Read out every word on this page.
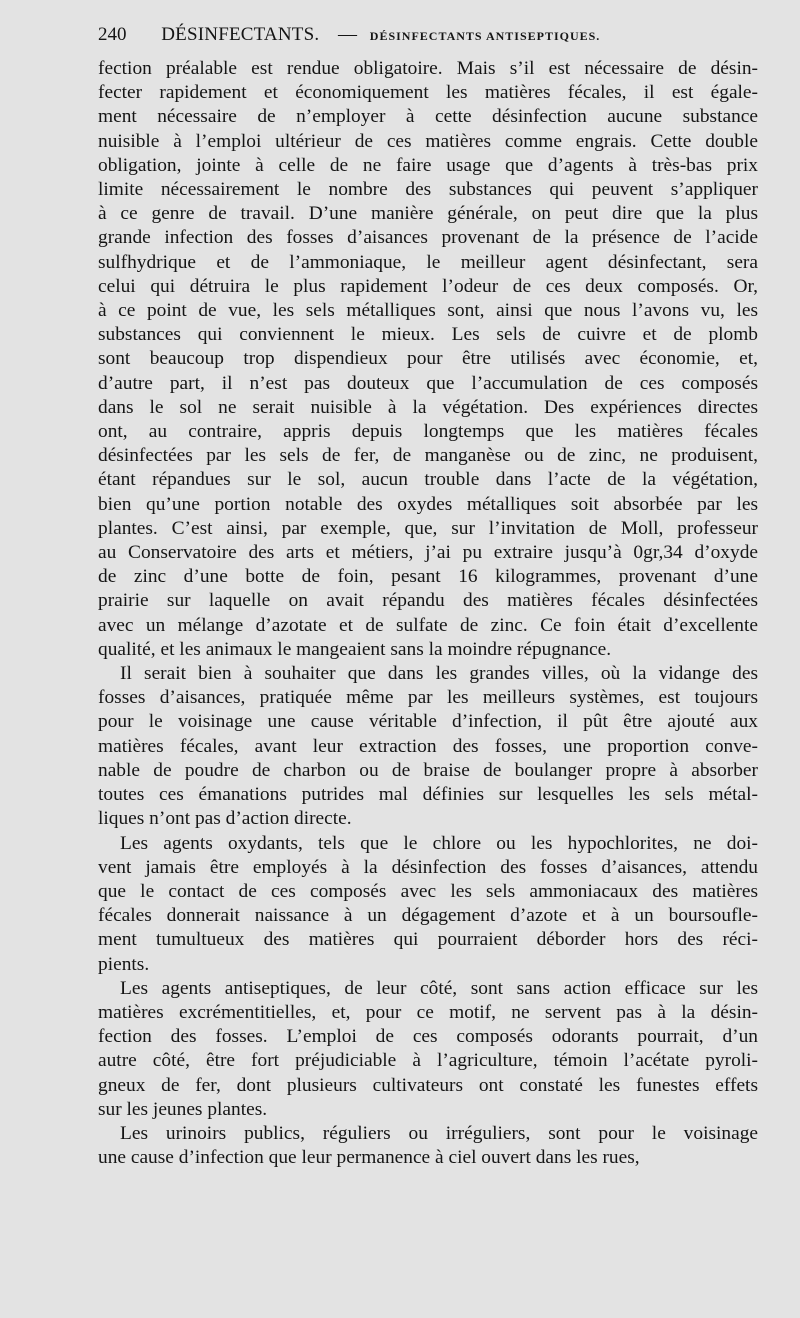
240 DÉSINFECTANTS. — DÉSINFECTANTS ANTISEPTIQUES.

fection préalable est rendue obligatoire. Mais s’il est nécessaire de désin-

fecter rapidement et économiquement les matières fécales, il est égale-

ment nécessaire de n’employer à cette désinfection aucune substance

nuisible à l’emploi ultérieur de ces matières comme engrais. Cette double

obligation, jointe à celle de ne faire usage que d’agents à très-bas prix

limite nécessairement le nombre des substances qui peuvent s’appliquer

à ce genre de travail. D’une manière générale, on peut dire que la plus

grande infection des fosses d’aisances provenant de la présence de l’acide

sulfhydrique et de l’ammoniaque, le meilleur agent désinfectant, sera

celui qui détruira le plus rapidement l’odeur de ces deux composés. Or,

à ce point de vue, les sels métalliques sont, ainsi que nous l’avons vu, les

substances qui conviennent le mieux. Les sels de cuivre et de plomb

sont beaucoup trop dispendieux pour être utilisés avec économie, et,

d’autre part, il n’est pas douteux que l’accumulation de ces composés

dans le sol ne serait nuisible à la végétation. Des expériences directes

ont, au contraire, appris depuis longtemps que les matières fécales

désinfectées par les sels de fer, de manganèse ou de zinc, ne produisent,

étant répandues sur le sol, aucun trouble dans l’acte de la végétation,

bien qu’une portion notable des oxydes métalliques soit absorbée par les

plantes. C’est ainsi, par exemple, que, sur l’invitation de Moll, professeur

au Conservatoire des arts et métiers, j’ai pu extraire jusqu’à 0gr,34 d’oxyde

de zinc d’une botte de foin, pesant 16 kilogrammes, provenant d’une

prairie sur laquelle on avait répandu des matières fécales désinfectées

avec un mélange d’azotate et de sulfate de zinc. Ce foin était d’excellente

qualité, et les animaux le mangeaient sans la moindre répugnance.

Il serait bien à souhaiter que dans les grandes villes, où la vidange des

fosses d’aisances, pratiquée même par les meilleurs systèmes, est toujours

pour le voisinage une cause véritable d’infection, il pût être ajouté aux

matières fécales, avant leur extraction des fosses, une proportion conve-

nable de poudre de charbon ou de braise de boulanger propre à absorber

toutes ces émanations putrides mal définies sur lesquelles les sels métal-

liques n’ont pas d’action directe.

Les agents oxydants, tels que le chlore ou les hypochlorites, ne doi-

vent jamais être employés à la désinfection des fosses d’aisances, attendu

que le contact de ces composés avec les sels ammoniacaux des matières

fécales donnerait naissance à un dégagement d’azote et à un boursoufle-

ment tumultueux des matières qui pourraient déborder hors des réci-

pients.

Les agents antiseptiques, de leur côté, sont sans action efficace sur les

matières excrémentitielles, et, pour ce motif, ne servent pas à la désin-

fection des fosses. L’emploi de ces composés odorants pourrait, d’un

autre côté, être fort préjudiciable à l’agriculture, témoin l’acétate pyroli-

gneux de fer, dont plusieurs cultivateurs ont constaté les funestes effets

sur les jeunes plantes.

Les urinoirs publics, réguliers ou irréguliers, sont pour le voisinage

une cause d’infection que leur permanence à ciel ouvert dans les rues,
